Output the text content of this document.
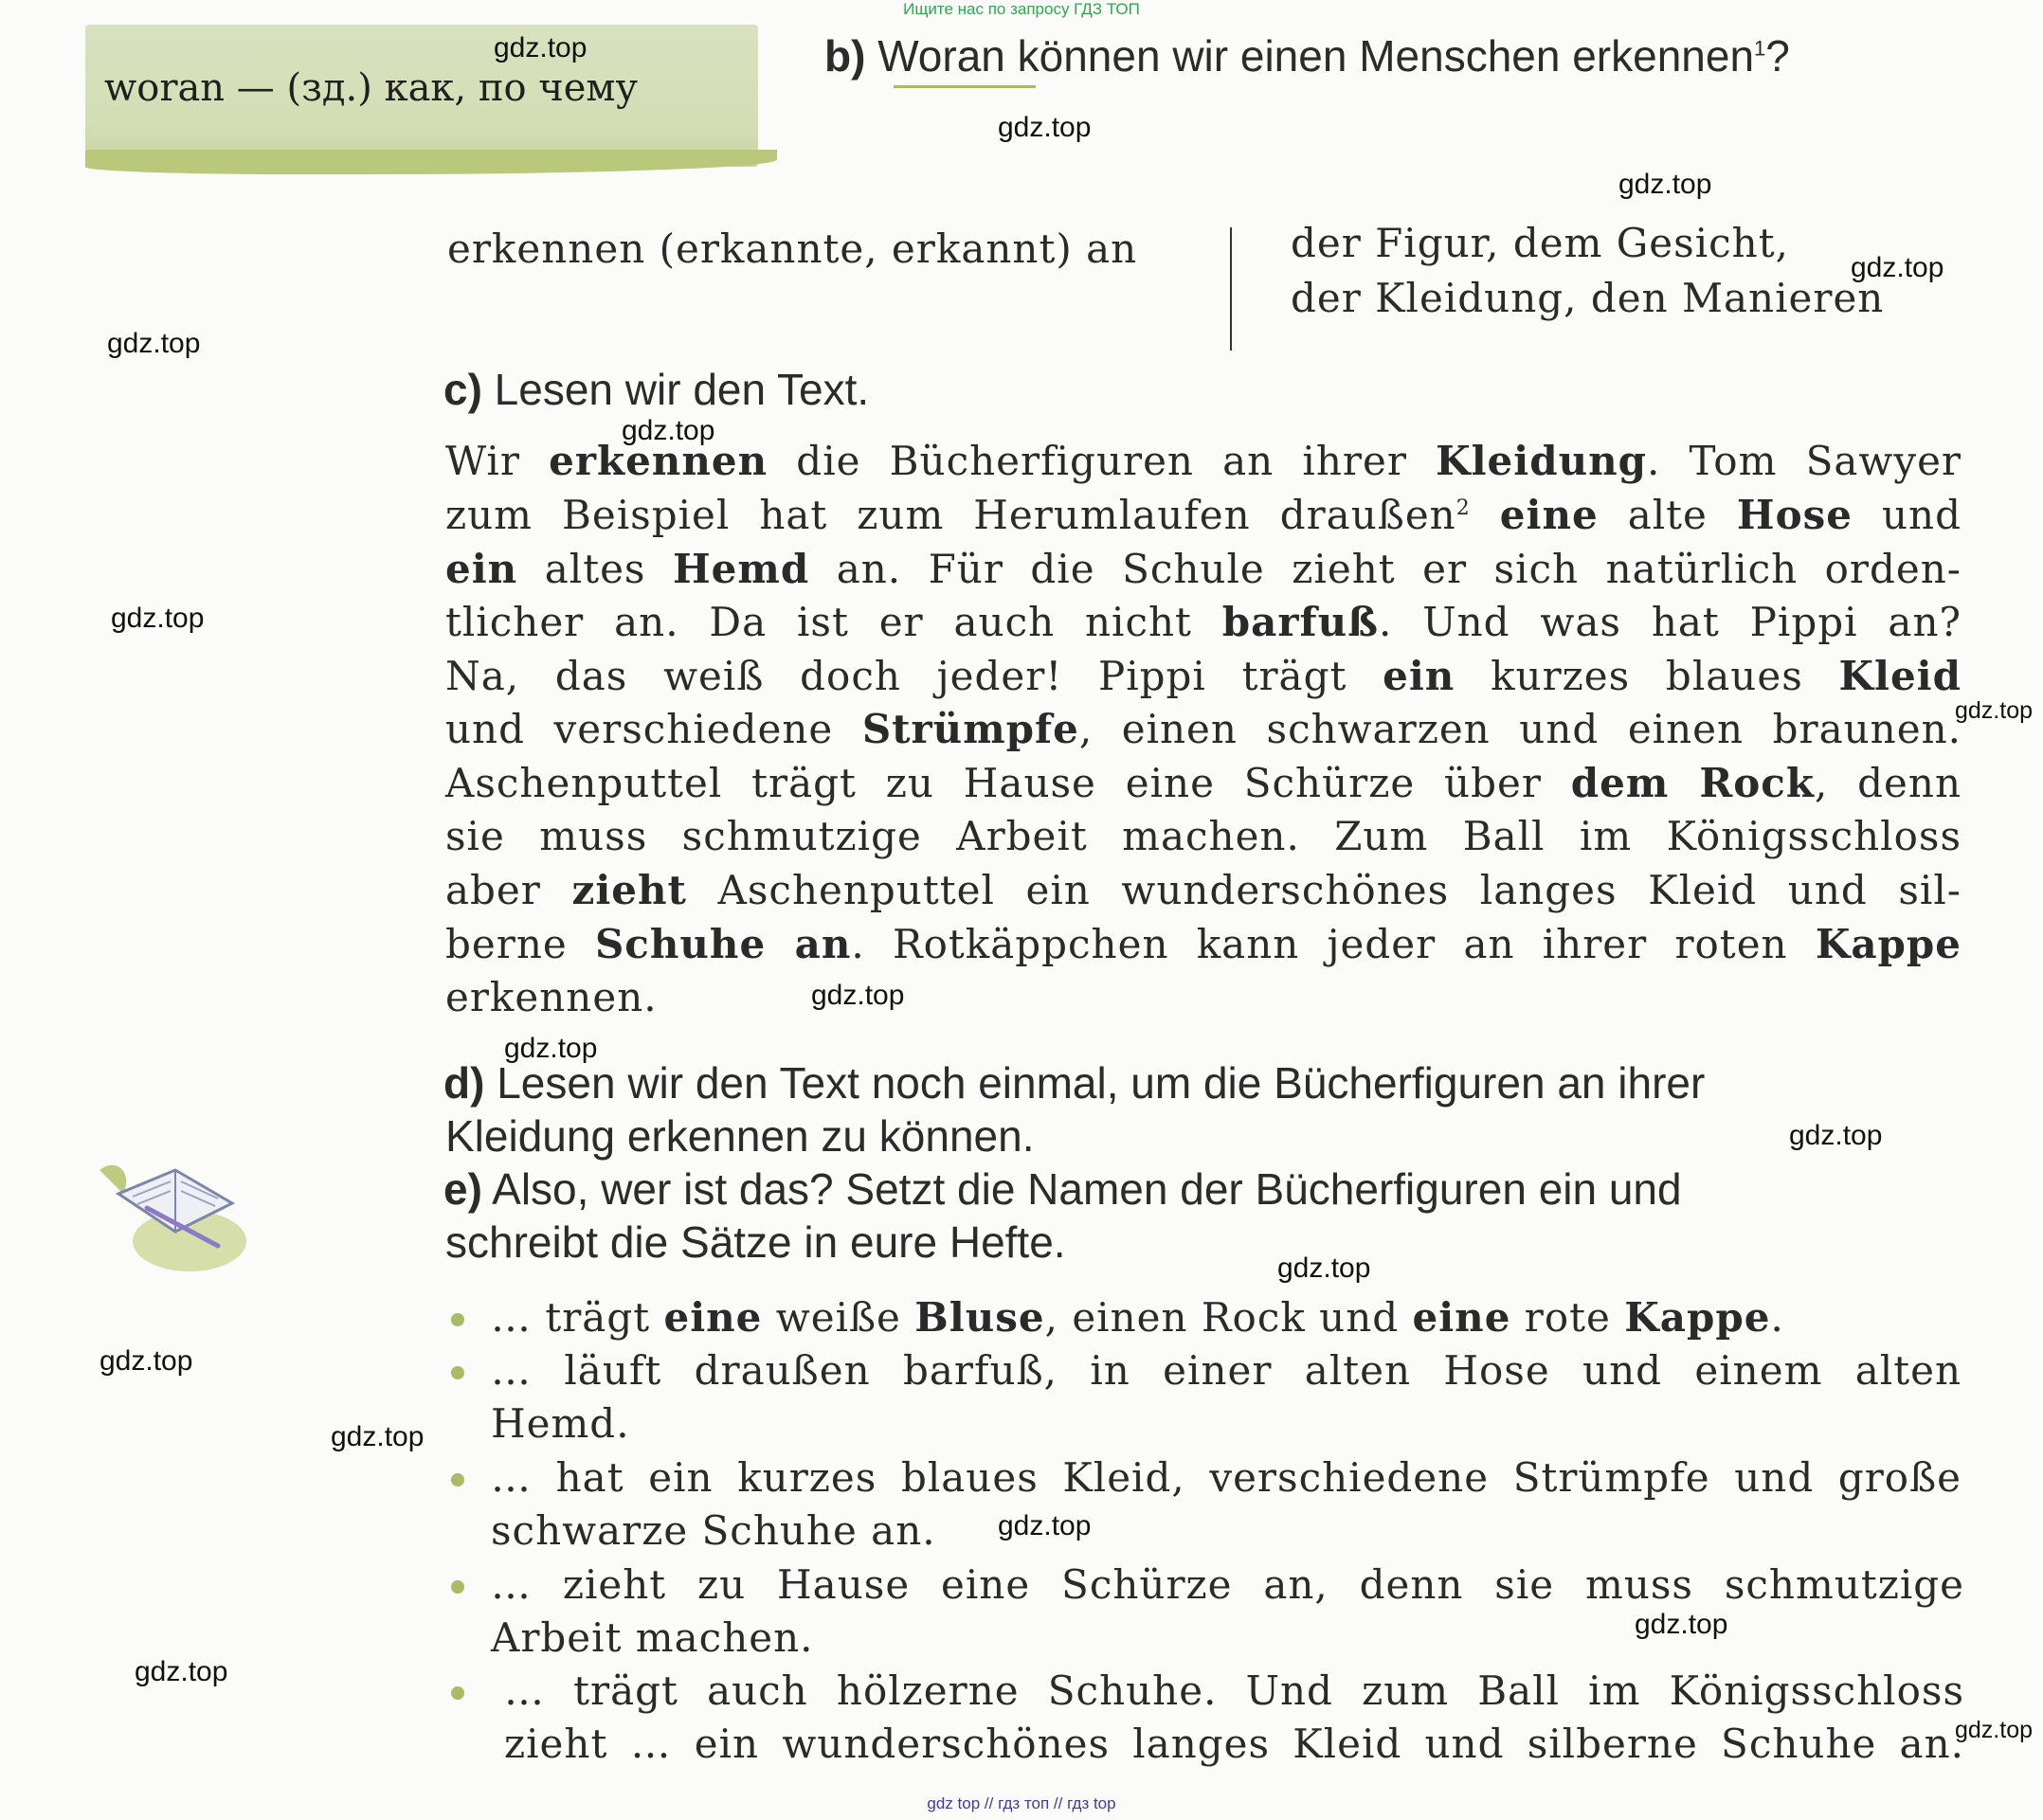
Ищите нас по запросу ГДЗ ТОП
woran — (зд.) как, по чему
b) Woran können wir einen Menschen erkennen$^1$?
erkennen (erkannte, erkannt) an	der Figur, dem Gesicht,
der Kleidung, den Manieren
c) Lesen wir den Text.
Wir erkennen die Bücherfiguren an ihrer Kleidung. Tom Sawyer
zum Beispiel hat zum Herumlaufen draußen$^2$ eine alte Hose und
ein altes Hemd an. Für die Schule zieht er sich natürlich orden-
tlicher an. Da ist er auch nicht barfuß. Und was hat Pippi an?
Na, das weiß doch jeder! Pippi trägt ein kurzes blaues Kleid
und verschiedene Strümpfe, einen schwarzen und einen braunen.
Aschenputtel trägt zu Hause eine Schürze über dem Rock, denn
sie muss schmutzige Arbeit machen. Zum Ball im Königsschloss
aber zieht Aschenputtel ein wunderschönes langes Kleid und sil-
berne Schuhe an. Rotkäppchen kann jeder an ihrer roten Kappe
erkennen.
d) Lesen wir den Text noch einmal, um die Bücherfiguren an ihrer
Kleidung erkennen zu können.
e) Also, wer ist das? Setzt die Namen der Bücherfiguren ein und
schreibt die Sätze in eure Hefte.
… trägt eine weiße Bluse, einen Rock und eine rote Kappe.
… läuft draußen barfuß, in einer alten Hose und einem alten
Hemd.
… hat ein kurzes blaues Kleid, verschiedene Strümpfe und große
schwarze Schuhe an.
… zieht zu Hause eine Schürze an, denn sie muss schmutzige
Arbeit machen.
… trägt auch hölzerne Schuhe. Und zum Ball im Königsschloss
zieht … ein wunderschönes langes Kleid und silberne Schuhe an.
gdz.top
gdz.top
gdz.top
gdz.top
gdz.top
gdz.top
gdz.top
gdz.top
gdz.top
gdz.top
gdz.top
gdz.top
gdz.top
gdz.top
gdz.top
gdz.top
gdz.top
gdz.top
gdz top // гдз топ // гдз top
